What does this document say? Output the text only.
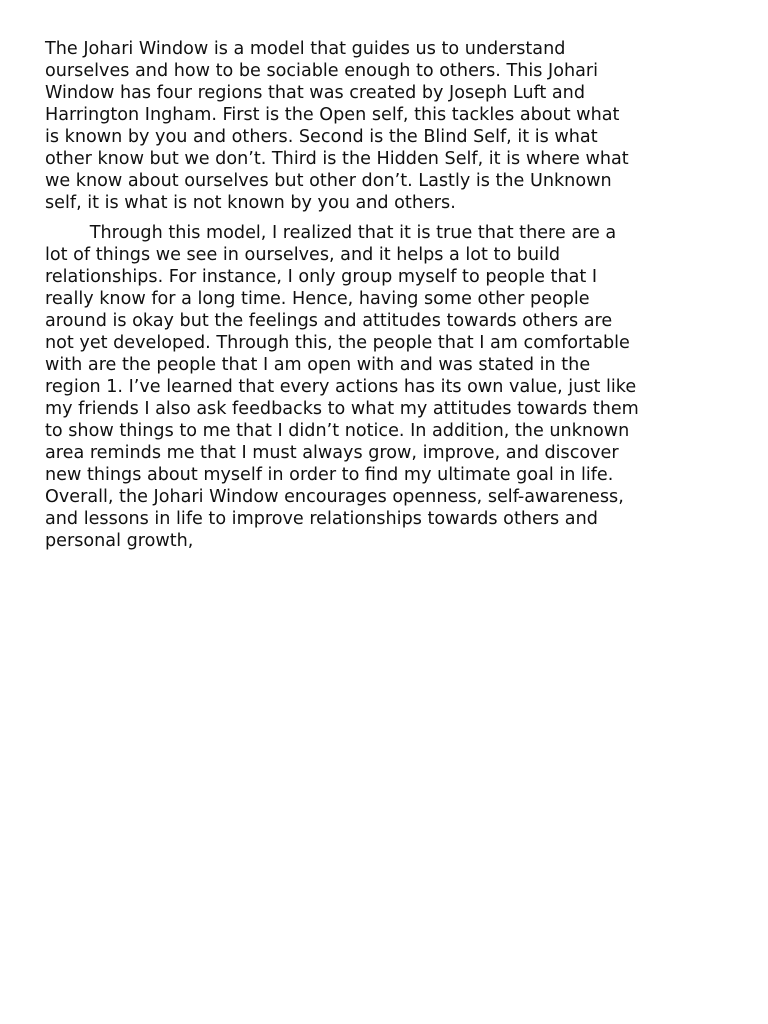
The Johari Window is a model that guides us to understand
ourselves and how to be sociable enough to others. This Johari
Window has four regions that was created by Joseph Luft and
Harrington Ingham. First is the Open self, this tackles about what
is known by you and others. Second is the Blind Self, it is what
other know but we don’t. Third is the Hidden Self, it is where what
we know about ourselves but other don’t. Lastly is the Unknown
self, it is what is not known by you and others.

Through this model, I realized that it is true that there are a
lot of things we see in ourselves, and it helps a lot to build
relationships. For instance, I only group myself to people that I
really know for a long time. Hence, having some other people
around is okay but the feelings and attitudes towards others are
not yet developed. Through this, the people that I am comfortable
with are the people that I am open with and was stated in the
region 1. I’ve learned that every actions has its own value, just like
my friends I also ask feedbacks to what my attitudes towards them
to show things to me that I didn’t notice. In addition, the unknown
area reminds me that I must always grow, improve, and discover
new things about myself in order to find my ultimate goal in life.
Overall, the Johari Window encourages openness, self-awareness,
and lessons in life to improve relationships towards others and
personal growth,
